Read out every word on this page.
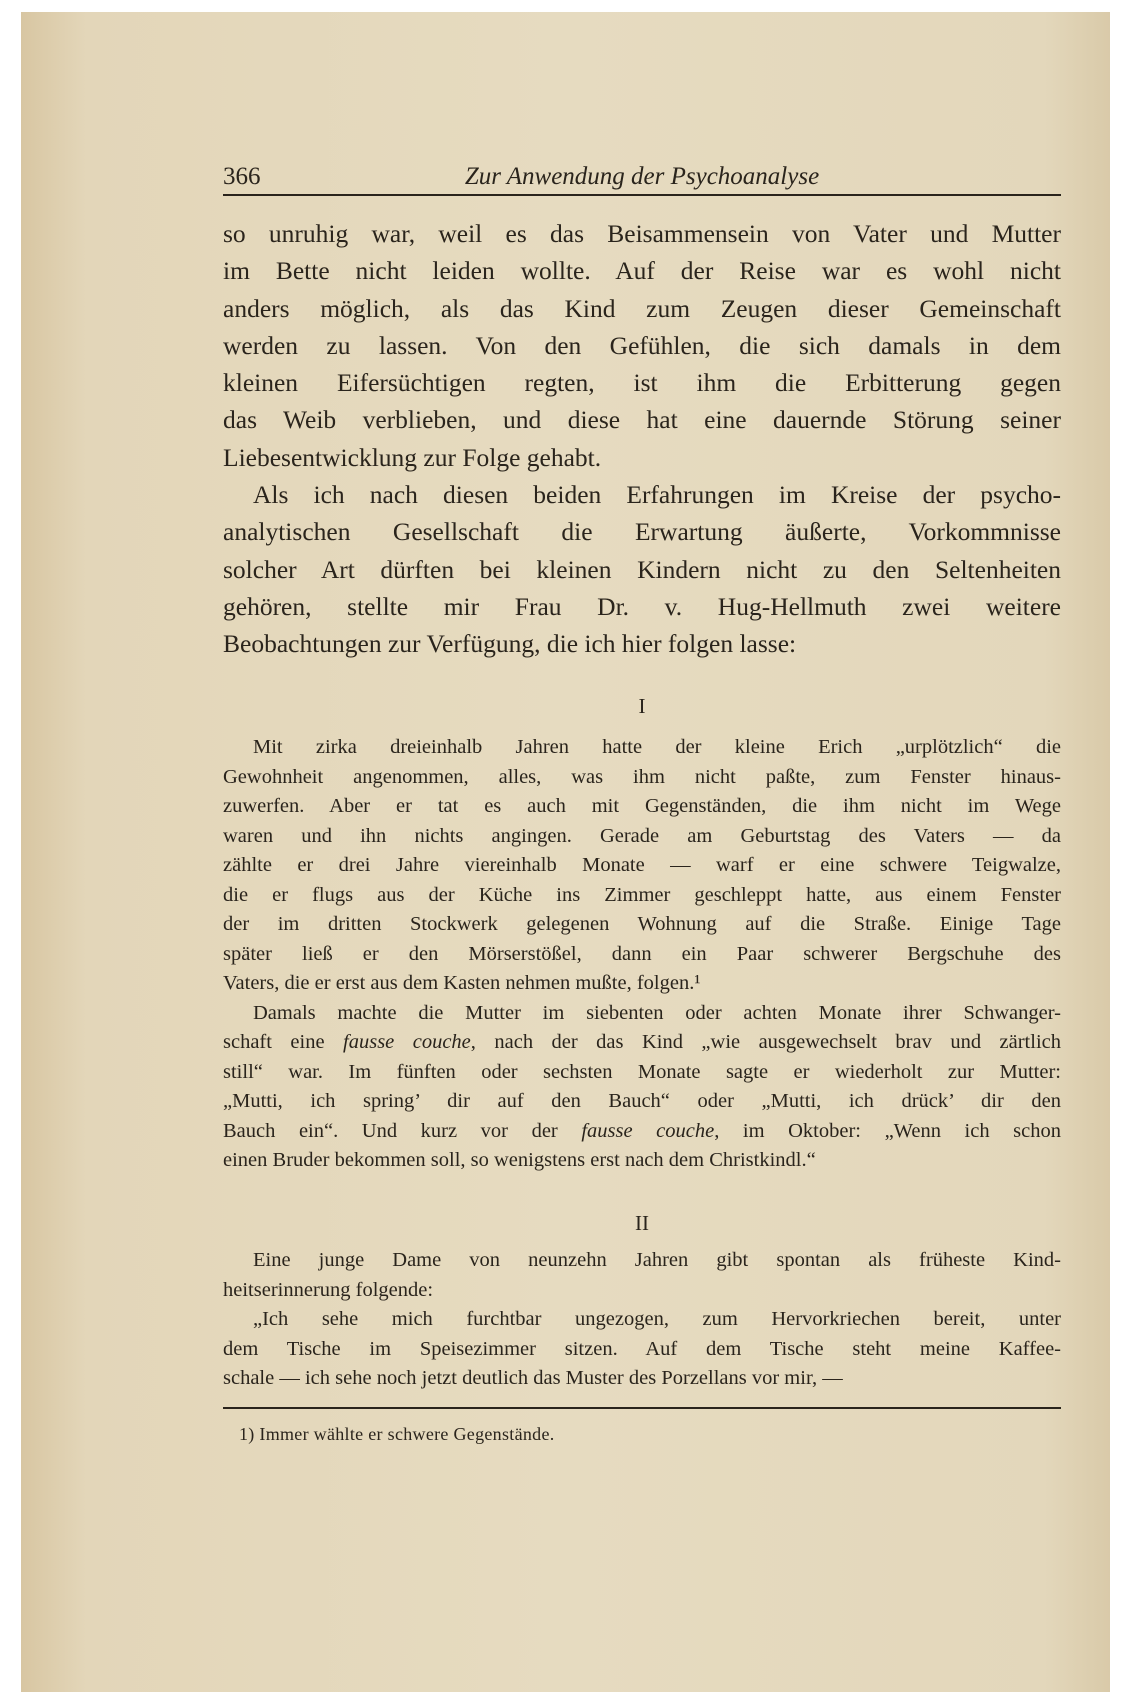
366	Zur Anwendung der Psychoanalyse
so unruhig war, weil es das Beisammensein von Vater und Mutter
im Bette nicht leiden wollte. Auf der Reise war es wohl nicht
anders möglich, als das Kind zum Zeugen dieser Gemeinschaft
werden zu lassen. Von den Gefühlen, die sich damals in dem
kleinen Eifersüchtigen regten, ist ihm die Erbitterung gegen
das Weib verblieben, und diese hat eine dauernde Störung seiner
Liebesentwicklung zur Folge gehabt.
Als ich nach diesen beiden Erfahrungen im Kreise der psycho-
analytischen Gesellschaft die Erwartung äußerte, Vorkommnisse
solcher Art dürften bei kleinen Kindern nicht zu den Seltenheiten
gehören, stellte mir Frau Dr. v. Hug-Hellmuth zwei weitere
Beobachtungen zur Verfügung, die ich hier folgen lasse:
I
Mit zirka dreieinhalb Jahren hatte der kleine Erich „urplötzlich“ die
Gewohnheit angenommen, alles, was ihm nicht paßte, zum Fenster hinaus-
zuwerfen. Aber er tat es auch mit Gegenständen, die ihm nicht im Wege
waren und ihn nichts angingen. Gerade am Geburtstag des Vaters — da
zählte er drei Jahre viereinhalb Monate — warf er eine schwere Teigwalze,
die er flugs aus der Küche ins Zimmer geschleppt hatte, aus einem Fenster
der im dritten Stockwerk gelegenen Wohnung auf die Straße. Einige Tage
später ließ er den Mörserstößel, dann ein Paar schwerer Bergschuhe des
Vaters, die er erst aus dem Kasten nehmen mußte, folgen.¹
Damals machte die Mutter im siebenten oder achten Monate ihrer Schwanger-
schaft eine fausse couche, nach der das Kind „wie ausgewechselt brav und zärtlich
still“ war. Im fünften oder sechsten Monate sagte er wiederholt zur Mutter:
„Mutti, ich spring’ dir auf den Bauch“ oder „Mutti, ich drück’ dir den
Bauch ein“. Und kurz vor der fausse couche, im Oktober: „Wenn ich schon
einen Bruder bekommen soll, so wenigstens erst nach dem Christkindl.“
II
Eine junge Dame von neunzehn Jahren gibt spontan als früheste Kind-
heitserinnerung folgende:
„Ich sehe mich furchtbar ungezogen, zum Hervorkriechen bereit, unter
dem Tische im Speisezimmer sitzen. Auf dem Tische steht meine Kaffee-
schale — ich sehe noch jetzt deutlich das Muster des Porzellans vor mir, —
1) Immer wählte er schwere Gegenstände.
